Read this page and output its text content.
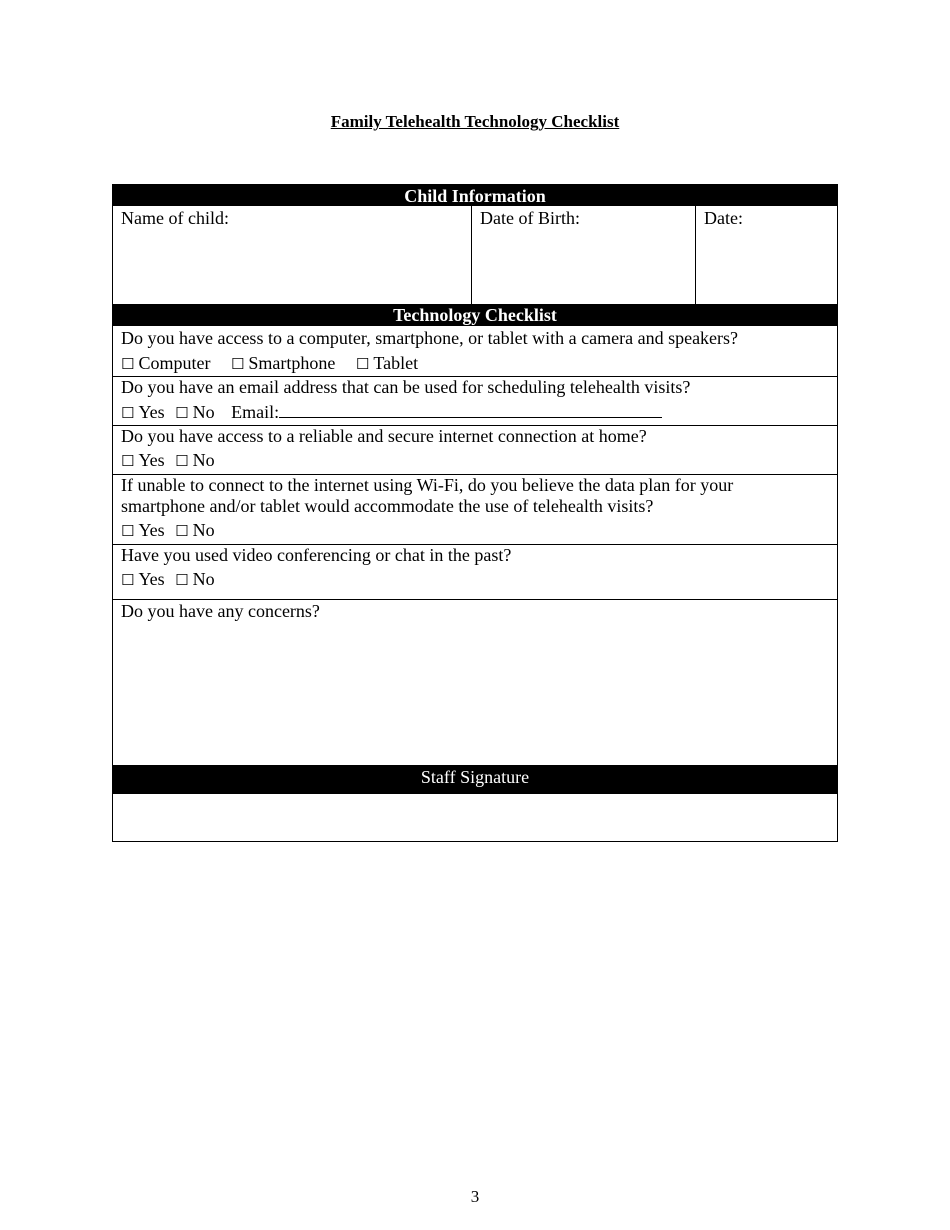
Family Telehealth Technology Checklist
Child Information
Name of child:	Date of Birth:	Date:
Technology Checklist
Do you have access to a computer, smartphone, or tablet with a camera and speakers?
☐ Computer ☐ Smartphone ☐ Tablet
Do you have an email address that can be used for scheduling telehealth visits?
☐ Yes ☐ No Email:
Do you have access to a reliable and secure internet connection at home?
☐ Yes ☐ No
If unable to connect to the internet using Wi-Fi, do you believe the data plan for your
smartphone and/or tablet would accommodate the use of telehealth visits?
☐ Yes ☐ No
Have you used video conferencing or chat in the past?
☐ Yes ☐ No
Do you have any concerns?
Staff Signature
3
